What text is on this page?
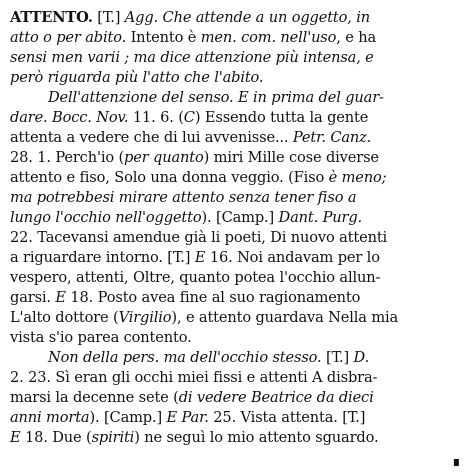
ATTENTO. [T.] Agg. Che attende a un oggetto, in
atto o per abito. Intento è men. com. nell'uso, e ha
sensi men varii ; ma dice attenzione più intensa, e
però riguarda più l'atto che l'abito.
Dell'attenzione del senso. E in prima del guar-
dare. Bocc. Nov. 11. 6. (C) Essendo tutta la gente
attenta a vedere che di lui avvenisse... Petr. Canz.
28. 1. Perch'io (per quanto) miri Mille cose diverse
attento e fiso, Solo una donna veggio. (Fiso è meno;
ma potrebbesi mirare attento senza tener fiso a
lungo l'occhio nell'oggetto). [Camp.] Dant. Purg.
22. Tacevansi amendue già li poeti, Di nuovo attenti
a riguardare intorno. [T.] E 16. Noi andavam per lo
vespero, attenti, Oltre, quanto potea l'occhio allun-
garsi. E 18. Posto avea fine al suo ragionamento
L'alto dottore (Virgilio), e attento guardava Nella mia
vista s'io parea contento.
Non della pers. ma dell'occhio stesso. [T.] D.
2. 23. Sì eran gli occhi miei fissi e attenti A disbra-
marsi la decenne sete (di vedere Beatrice da dieci
anni morta). [Camp.] E Par. 25. Vista attenta. [T.]
E 18. Due (spiriti) ne seguì lo mio attento sguardo.
∎
